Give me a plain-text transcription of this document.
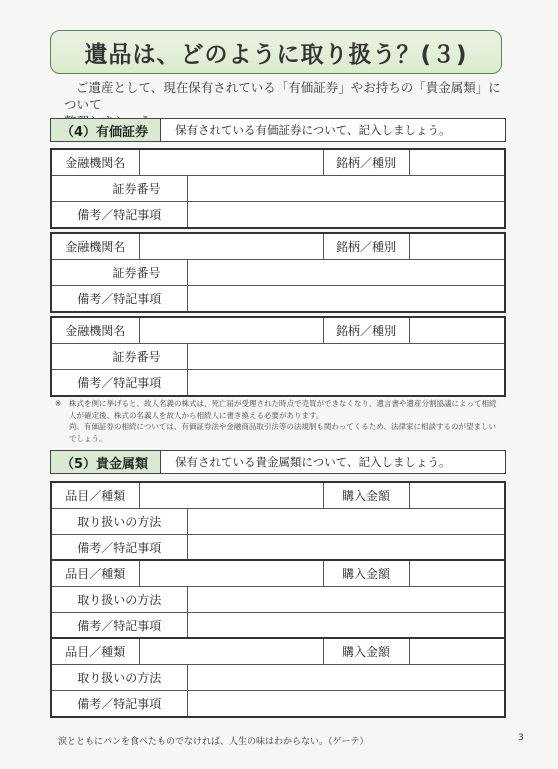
遺品は、どのように取り扱う？(３)

ご遺産として、現在保有されている「有価証券」やお持ちの「貴金属類」について

（4）有価証券	保有されている有価証券について、記入しましょう。
金融機関名			銘柄／種別	
証券番号				
備考／特記事項				
金融機関名			銘柄／種別	
証券番号				
備考／特記事項				
金融機関名			銘柄／種別	
証券番号				
備考／特記事項				
※ 株式を例に挙げると、故人名義の株式は、死亡届が受理された時点で売買ができなくなり、遺言書や遺産分割協議によって相続人が確定後、株式の名義人を故人から相続人に書き換える必要があります。

尚、有価証券の相続については、有価証券法や金融商品取引法等の法規制も関わってくるため、法律家に相談するのが望ましいでしょう。

（5）貴金属類	保有されている貴金属類について、記入しましょう。
品目／種類			購入金額	
取り扱いの方法				
備考／特記事項				
品目／種類			購入金額	
取り扱いの方法				
備考／特記事項				
品目／種類			購入金額	
取り扱いの方法				
備考／特記事項				
涙とともにパンを食べたものでなければ、人生の味はわからない。（ゲーテ）	3
